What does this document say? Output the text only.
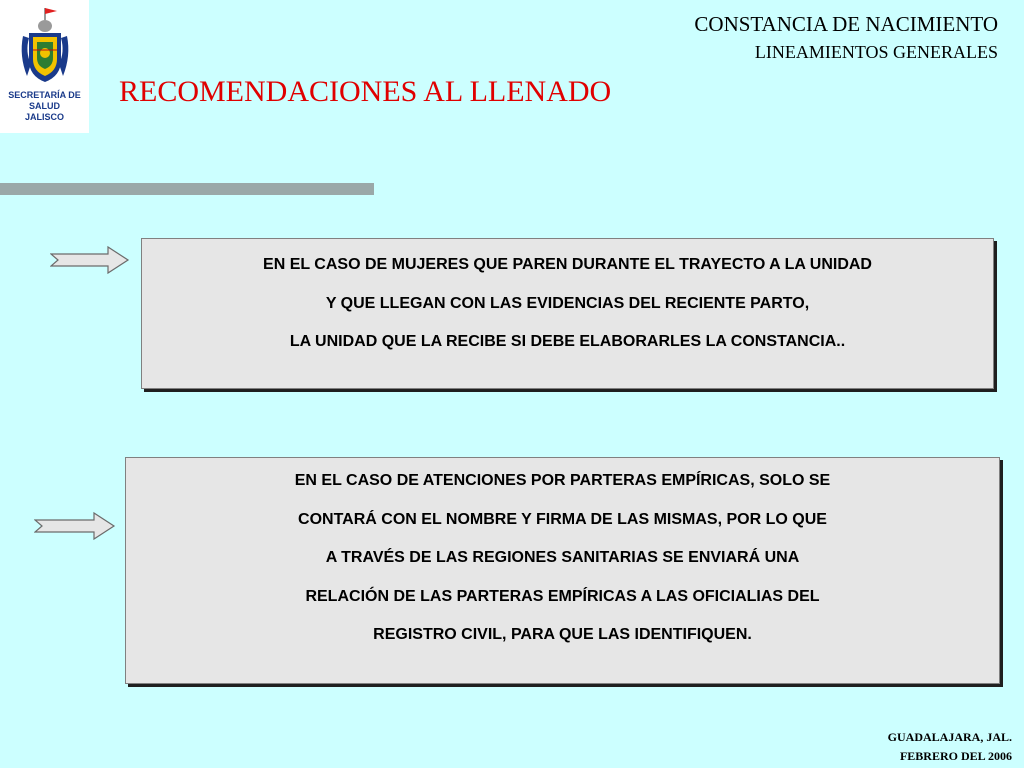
SECRETARÍA DE
SALUD
JALISCO
CONSTANCIA DE NACIMIENTO
LINEAMIENTOS GENERALES
RECOMENDACIONES AL LLENADO
EN EL CASO DE MUJERES QUE PAREN DURANTE EL TRAYECTO A LA UNIDAD
Y QUE LLEGAN CON LAS EVIDENCIAS DEL RECIENTE PARTO,
LA UNIDAD QUE LA RECIBE SI DEBE ELABORARLES LA CONSTANCIA..
EN EL CASO DE ATENCIONES POR PARTERAS EMPÍRICAS, SOLO SE
CONTARÁ CON EL NOMBRE Y FIRMA DE LAS MISMAS, POR LO QUE
A TRAVÉS DE LAS REGIONES SANITARIAS SE ENVIARÁ UNA
RELACIÓN DE LAS PARTERAS EMPÍRICAS A LAS OFICIALIAS DEL
REGISTRO CIVIL, PARA QUE LAS IDENTIFIQUEN.
GUADALAJARA, JAL.
FEBRERO DEL 2006
